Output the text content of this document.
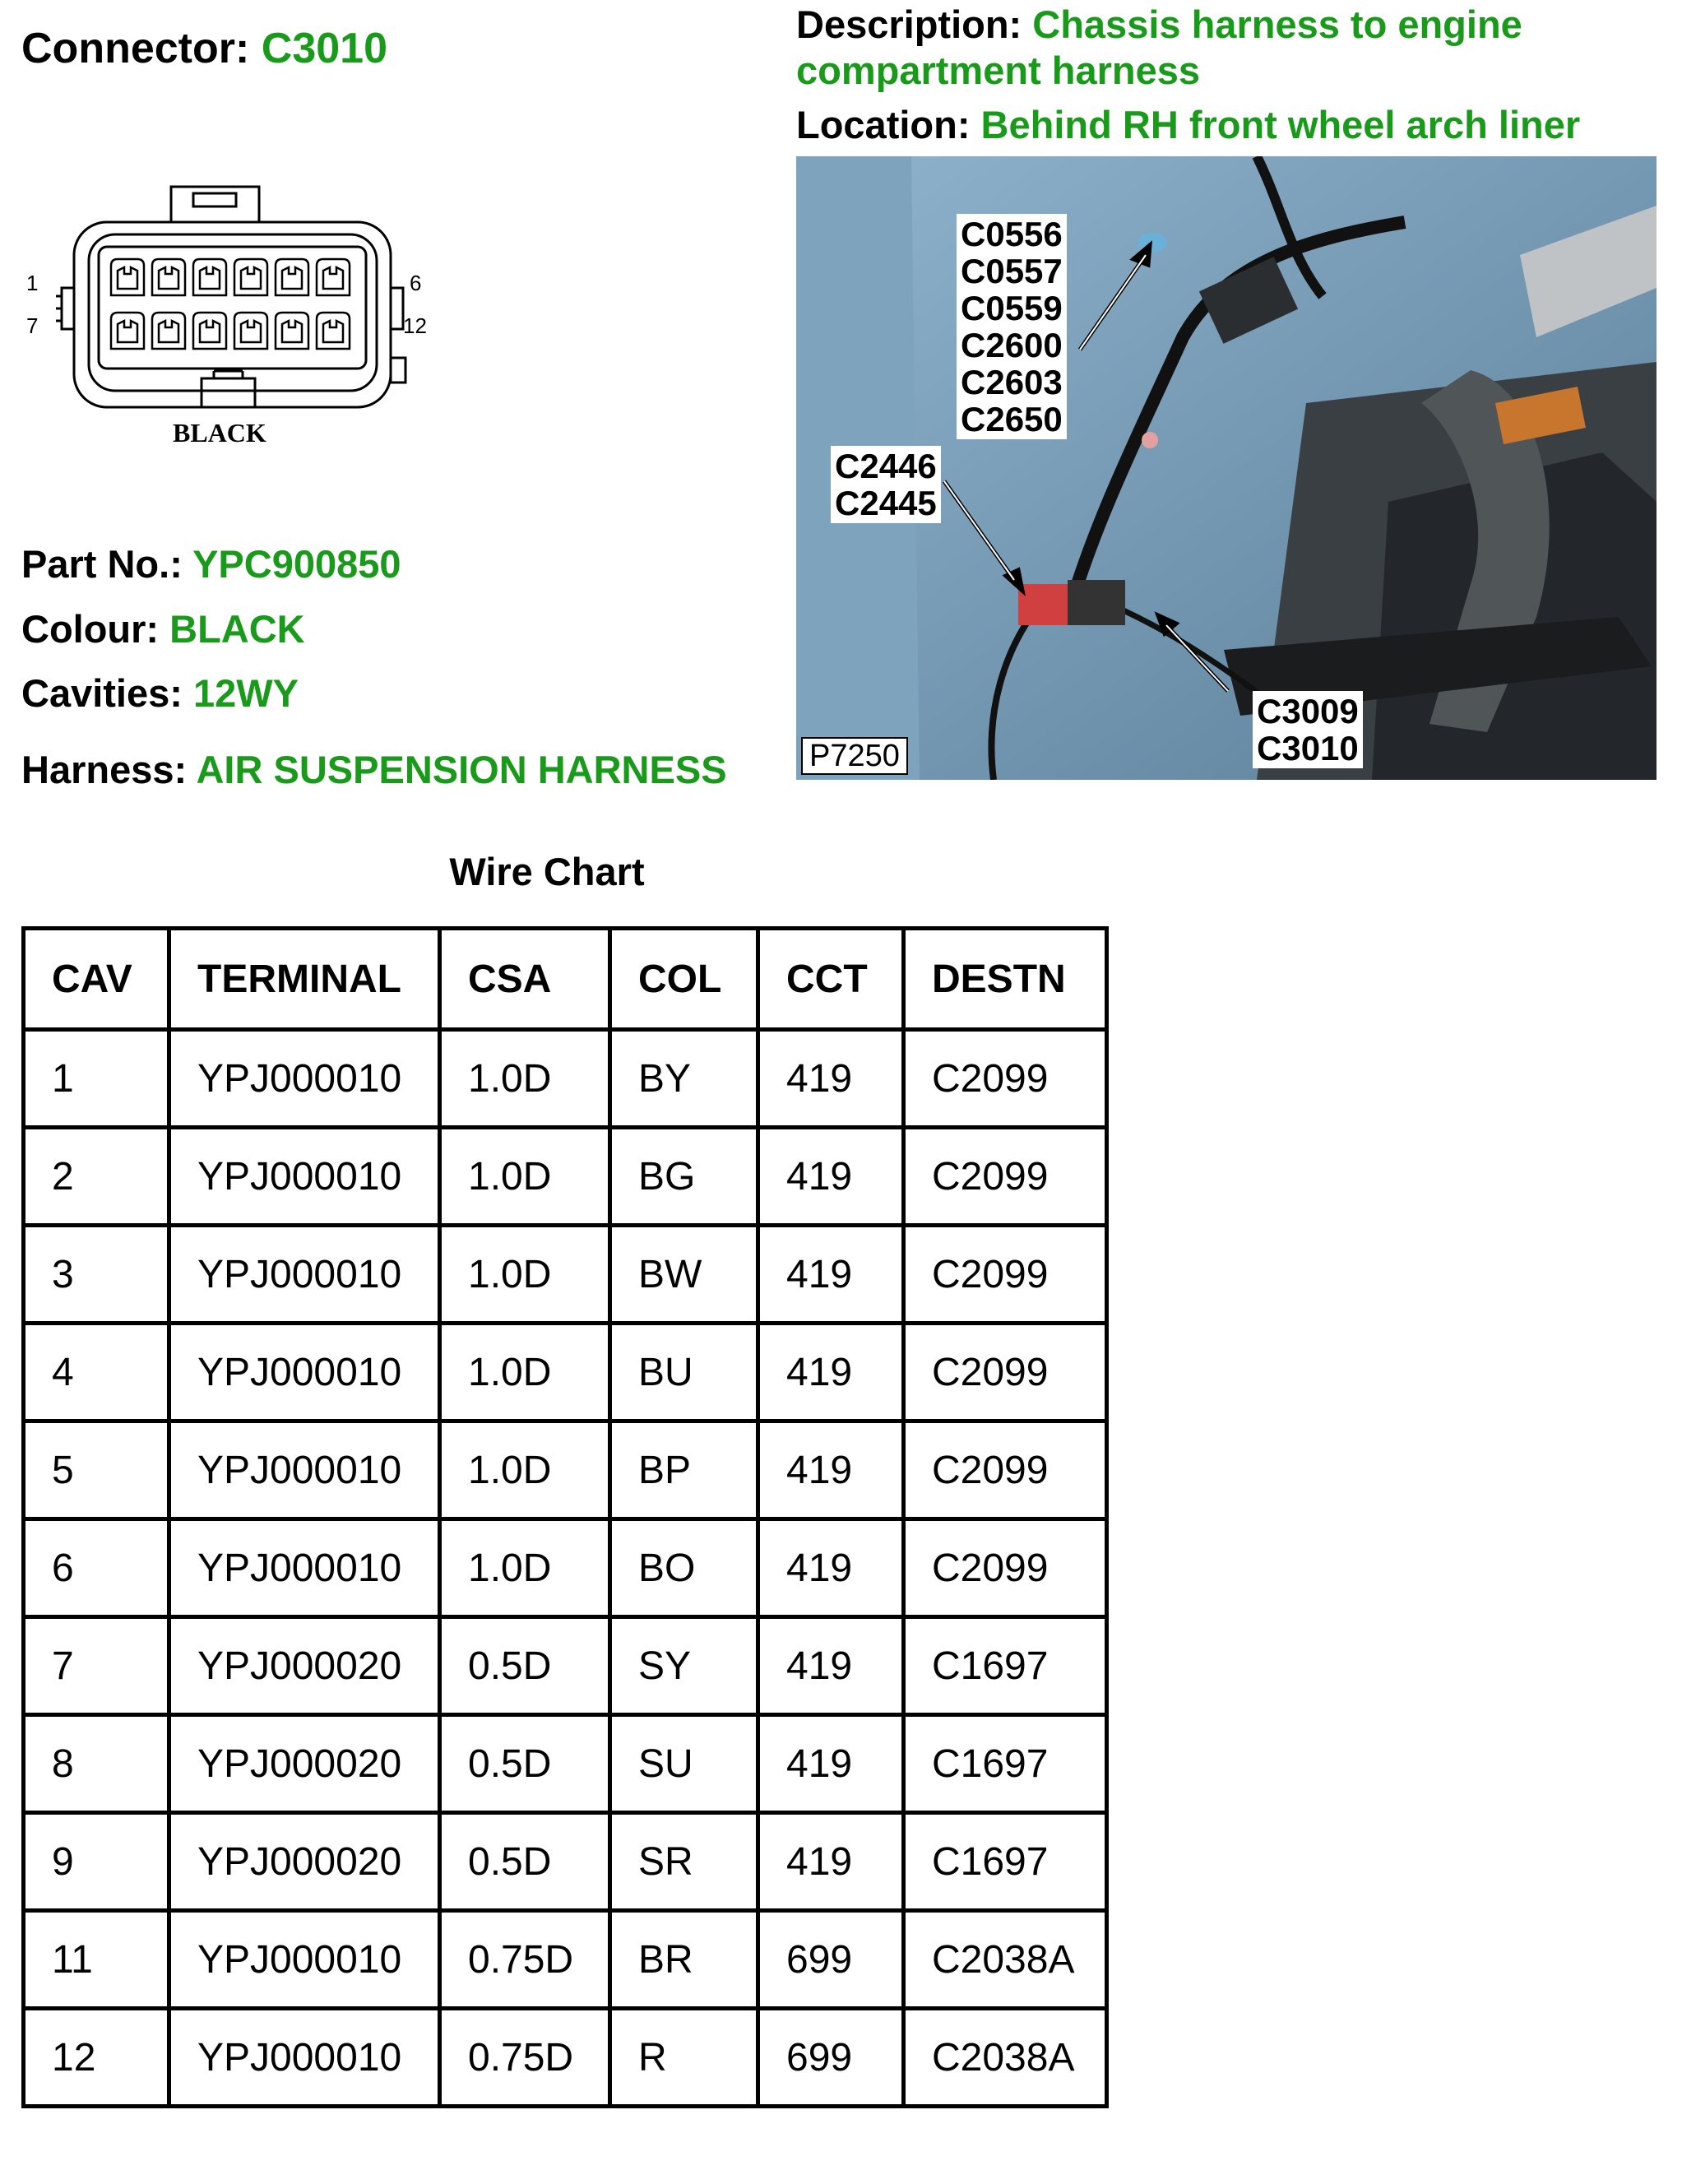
Connector: C3010
Description: Chassis harness to engine
compartment harness
Location: Behind RH front wheel arch liner
1
7
6
12
BLACK
Part No.: YPC900850
Colour: BLACK
Cavities: 12WY
Harness: AIR SUSPENSION HARNESS
C0556
C0557
C0559
C2600
C2603
C2650
C2446
C2445
C3009
C3010
P7250
Wire Chart
CAV	TERMINAL	CSA	COL	CCT	DESTN
1	YPJ000010	1.0D	BY	419	C2099
2	YPJ000010	1.0D	BG	419	C2099
3	YPJ000010	1.0D	BW	419	C2099
4	YPJ000010	1.0D	BU	419	C2099
5	YPJ000010	1.0D	BP	419	C2099
6	YPJ000010	1.0D	BO	419	C2099
7	YPJ000020	0.5D	SY	419	C1697
8	YPJ000020	0.5D	SU	419	C1697
9	YPJ000020	0.5D	SR	419	C1697
11	YPJ000010	0.75D	BR	699	C2038A
12	YPJ000010	0.75D	R	699	C2038A
